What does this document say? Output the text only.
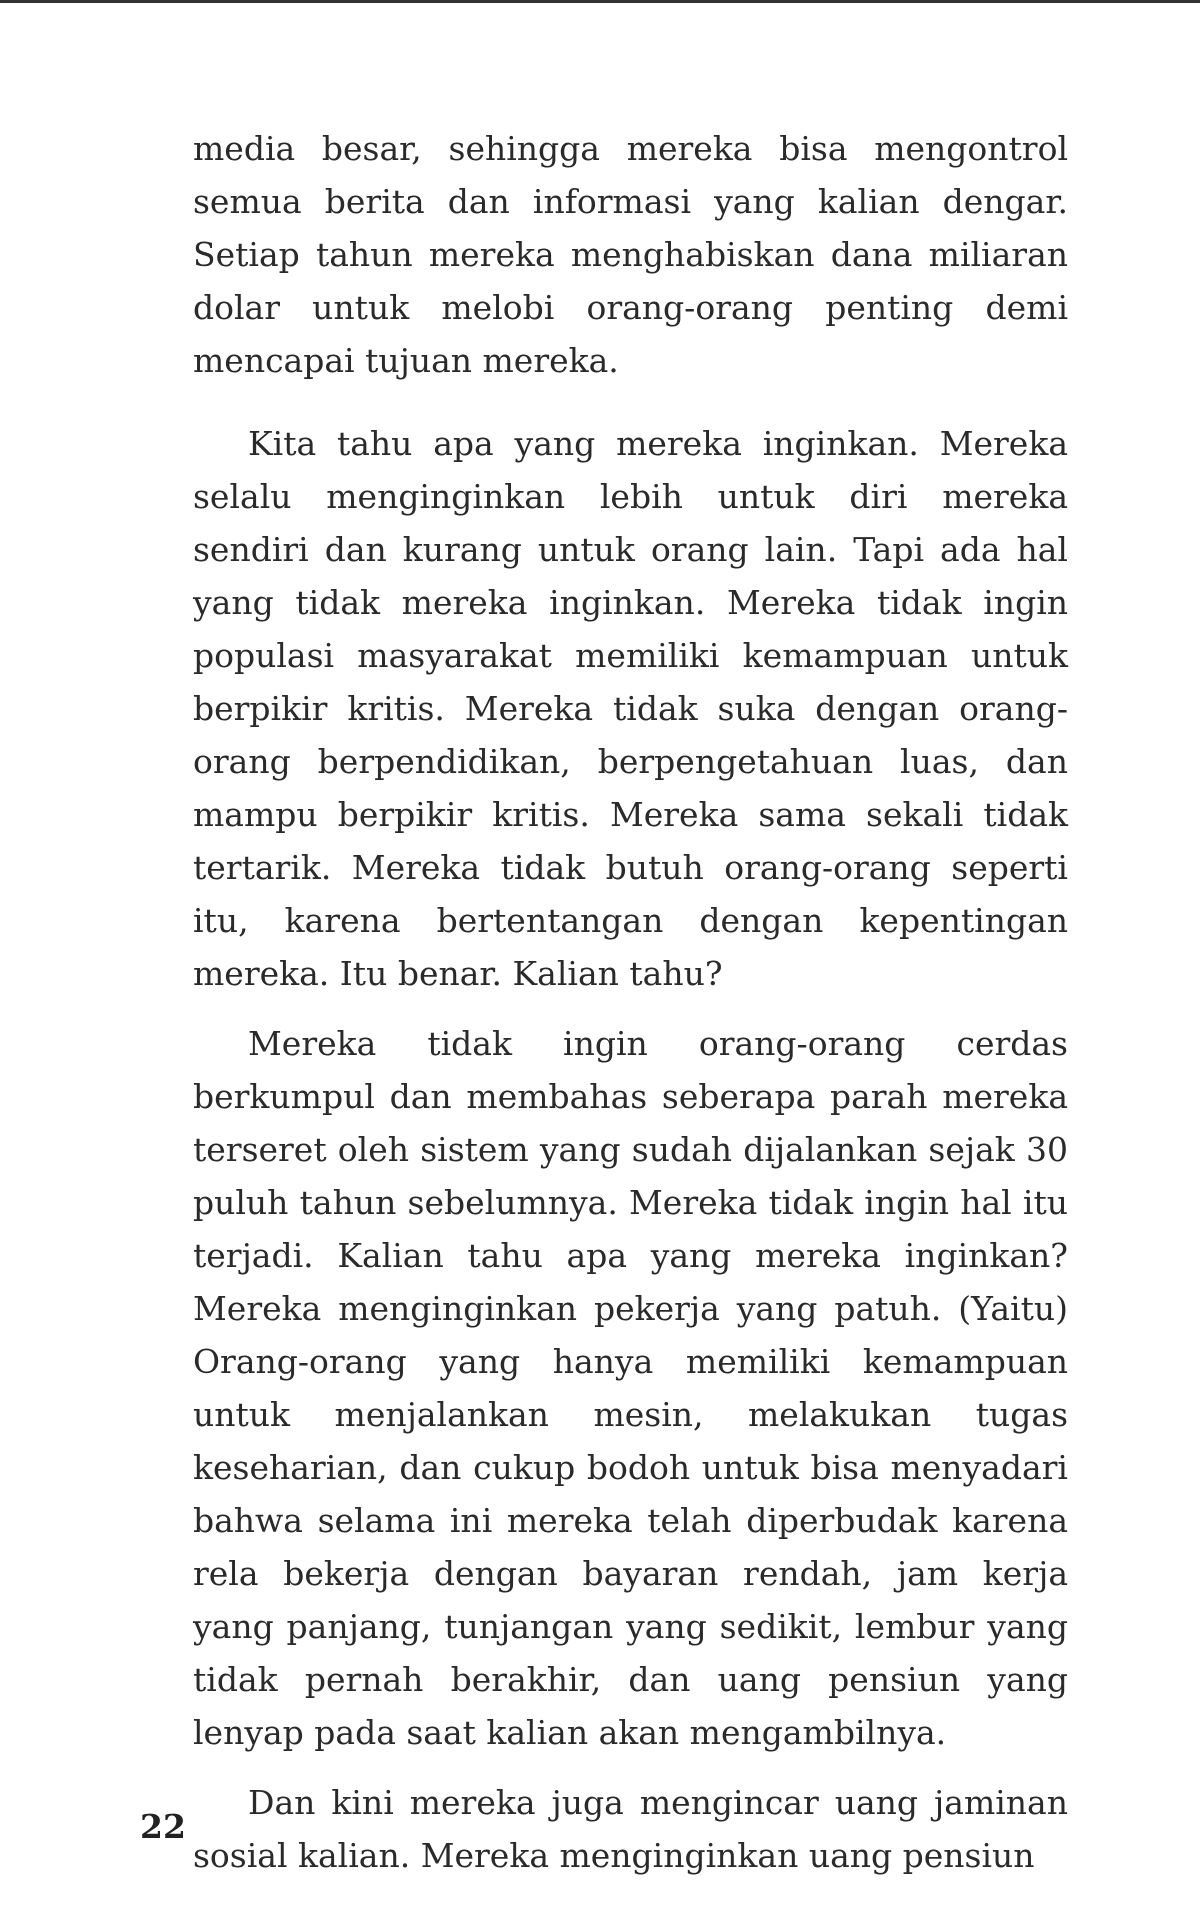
media besar, sehingga mereka bisa mengontrol semua berita dan informasi yang kalian dengar. Setiap tahun mereka menghabiskan dana miliaran dolar untuk melobi orang-orang penting demi mencapai tujuan mereka.

Kita tahu apa yang mereka inginkan. Mereka selalu menginginkan lebih untuk diri mereka sendiri dan kurang untuk orang lain. Tapi ada hal yang tidak mereka inginkan. Mereka tidak ingin populasi masyarakat memiliki kemampuan untuk berpikir kritis. Mereka tidak suka dengan orang-orang berpendidikan, berpengetahuan luas, dan mampu berpikir kritis. Mereka sama sekali tidak tertarik. Mereka tidak butuh orang-orang seperti itu, karena bertentangan dengan kepentingan mereka. Itu benar. Kalian tahu?

Mereka tidak ingin orang-orang cerdas berkumpul dan membahas seberapa parah mereka terseret oleh sistem yang sudah dijalankan sejak 30 puluh tahun sebelumnya. Mereka tidak ingin hal itu terjadi. Kalian tahu apa yang mereka inginkan? Mereka menginginkan pekerja yang patuh. (Yaitu) Orang-orang yang hanya memiliki kemampuan untuk menjalankan mesin, melakukan tugas keseharian, dan cukup bodoh untuk bisa menyadari bahwa selama ini mereka telah diperbudak karena rela bekerja dengan bayaran rendah, jam kerja yang panjang, tunjangan yang sedikit, lembur yang tidak pernah berakhir, dan uang pensiun yang lenyap pada saat kalian akan mengambilnya.

Dan kini mereka juga mengincar uang jaminan sosial kalian. Mereka menginginkan uang pensiun

22
